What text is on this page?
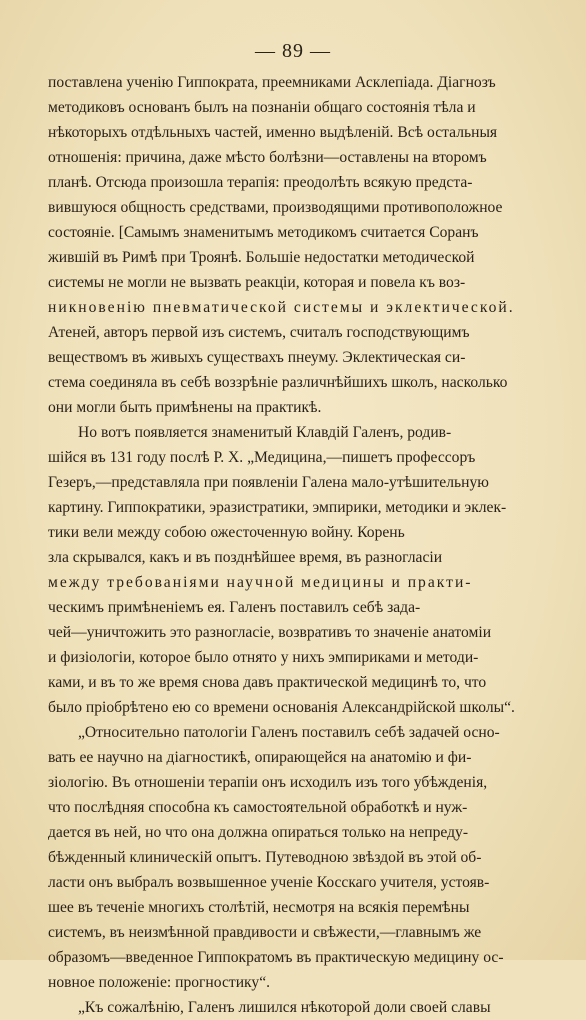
— 89 —
поставлена ученію Гиппократа, преемниками Асклепіада. Діагнозъ
методиковъ основанъ былъ на познаніи общаго состоянія тѣла и
нѣкоторыхъ отдѣльныхъ частей, именно выдѣленій. Всѣ остальныя
отношенія: причина, даже мѣсто болѣзни—оставлены на второмъ
планѣ. Отсюда произошла терапія: преодолѣть всякую предста-
вившуюся общность средствами, производящими противоположное
состояніе. [Самымъ знаменитымъ методикомъ считается Соранъ
жившій въ Римѣ при Троянѣ. Большіе недостатки методической
системы не могли не вызвать реакціи, которая и повела къ воз-
никновенію пневматической системы и эклектической.
Атеней, авторъ первой изъ системъ, считалъ господствующимъ
веществомъ въ живыхъ существахъ пнеуму. Эклектическая си-
стема соединяла въ себѣ воззрѣніе различнѣйшихъ школъ, насколько
они могли быть примѣнены на практикѣ.
Но вотъ появляется знаменитый Клавдій Галенъ, родив-
шійся въ 131 году послѣ Р. Х. „Медицина,—пишетъ профессоръ
Гезеръ,—представляла при появленіи Галена мало-утѣшительную
картину. Гиппократики, эразистратики, эмпирики, методики и эклек-
тики вели между собою ожесточенную войну. Корень
зла скрывался, какъ и въ позднѣйшее время, въ разногласіи
между требованіями научной медицины и практи-
ческимъ примѣненіемъ ея. Галенъ поставилъ себѣ зада-
чей—уничтожить это разногласіе, возвративъ то значеніе анатоміи
и физіологіи, которое было отнято у нихъ эмпириками и методи-
ками, и въ то же время снова давъ практической медицинѣ то, что
было пріобрѣтено ею со времени основанія Александрійской школы“.
„Относительно патологіи Галенъ поставилъ себѣ задачей осно-
вать ее научно на діагностикѣ, опирающейся на анатомію и фи-
зіологію. Въ отношеніи терапіи онъ исходилъ изъ того убѣжденія,
что послѣдняя способна къ самостоятельной обработкѣ и нуж-
дается въ ней, но что она должна опираться только на непреду-
бѣжденный клиническій опытъ. Путеводною звѣздой въ этой об-
ласти онъ выбралъ возвышенное ученіе Косскаго учителя, устояв-
шее въ теченіе многихъ столѣтій, несмотря на всякія перемѣны
системъ, въ неизмѣнной правдивости и свѣжести,—главнымъ же
образомъ—введенное Гиппократомъ въ практическую медицину ос-
новное положеніе: прогностику“.
„Къ сожалѣнію, Галенъ лишился нѣкоторой доли своей славы
